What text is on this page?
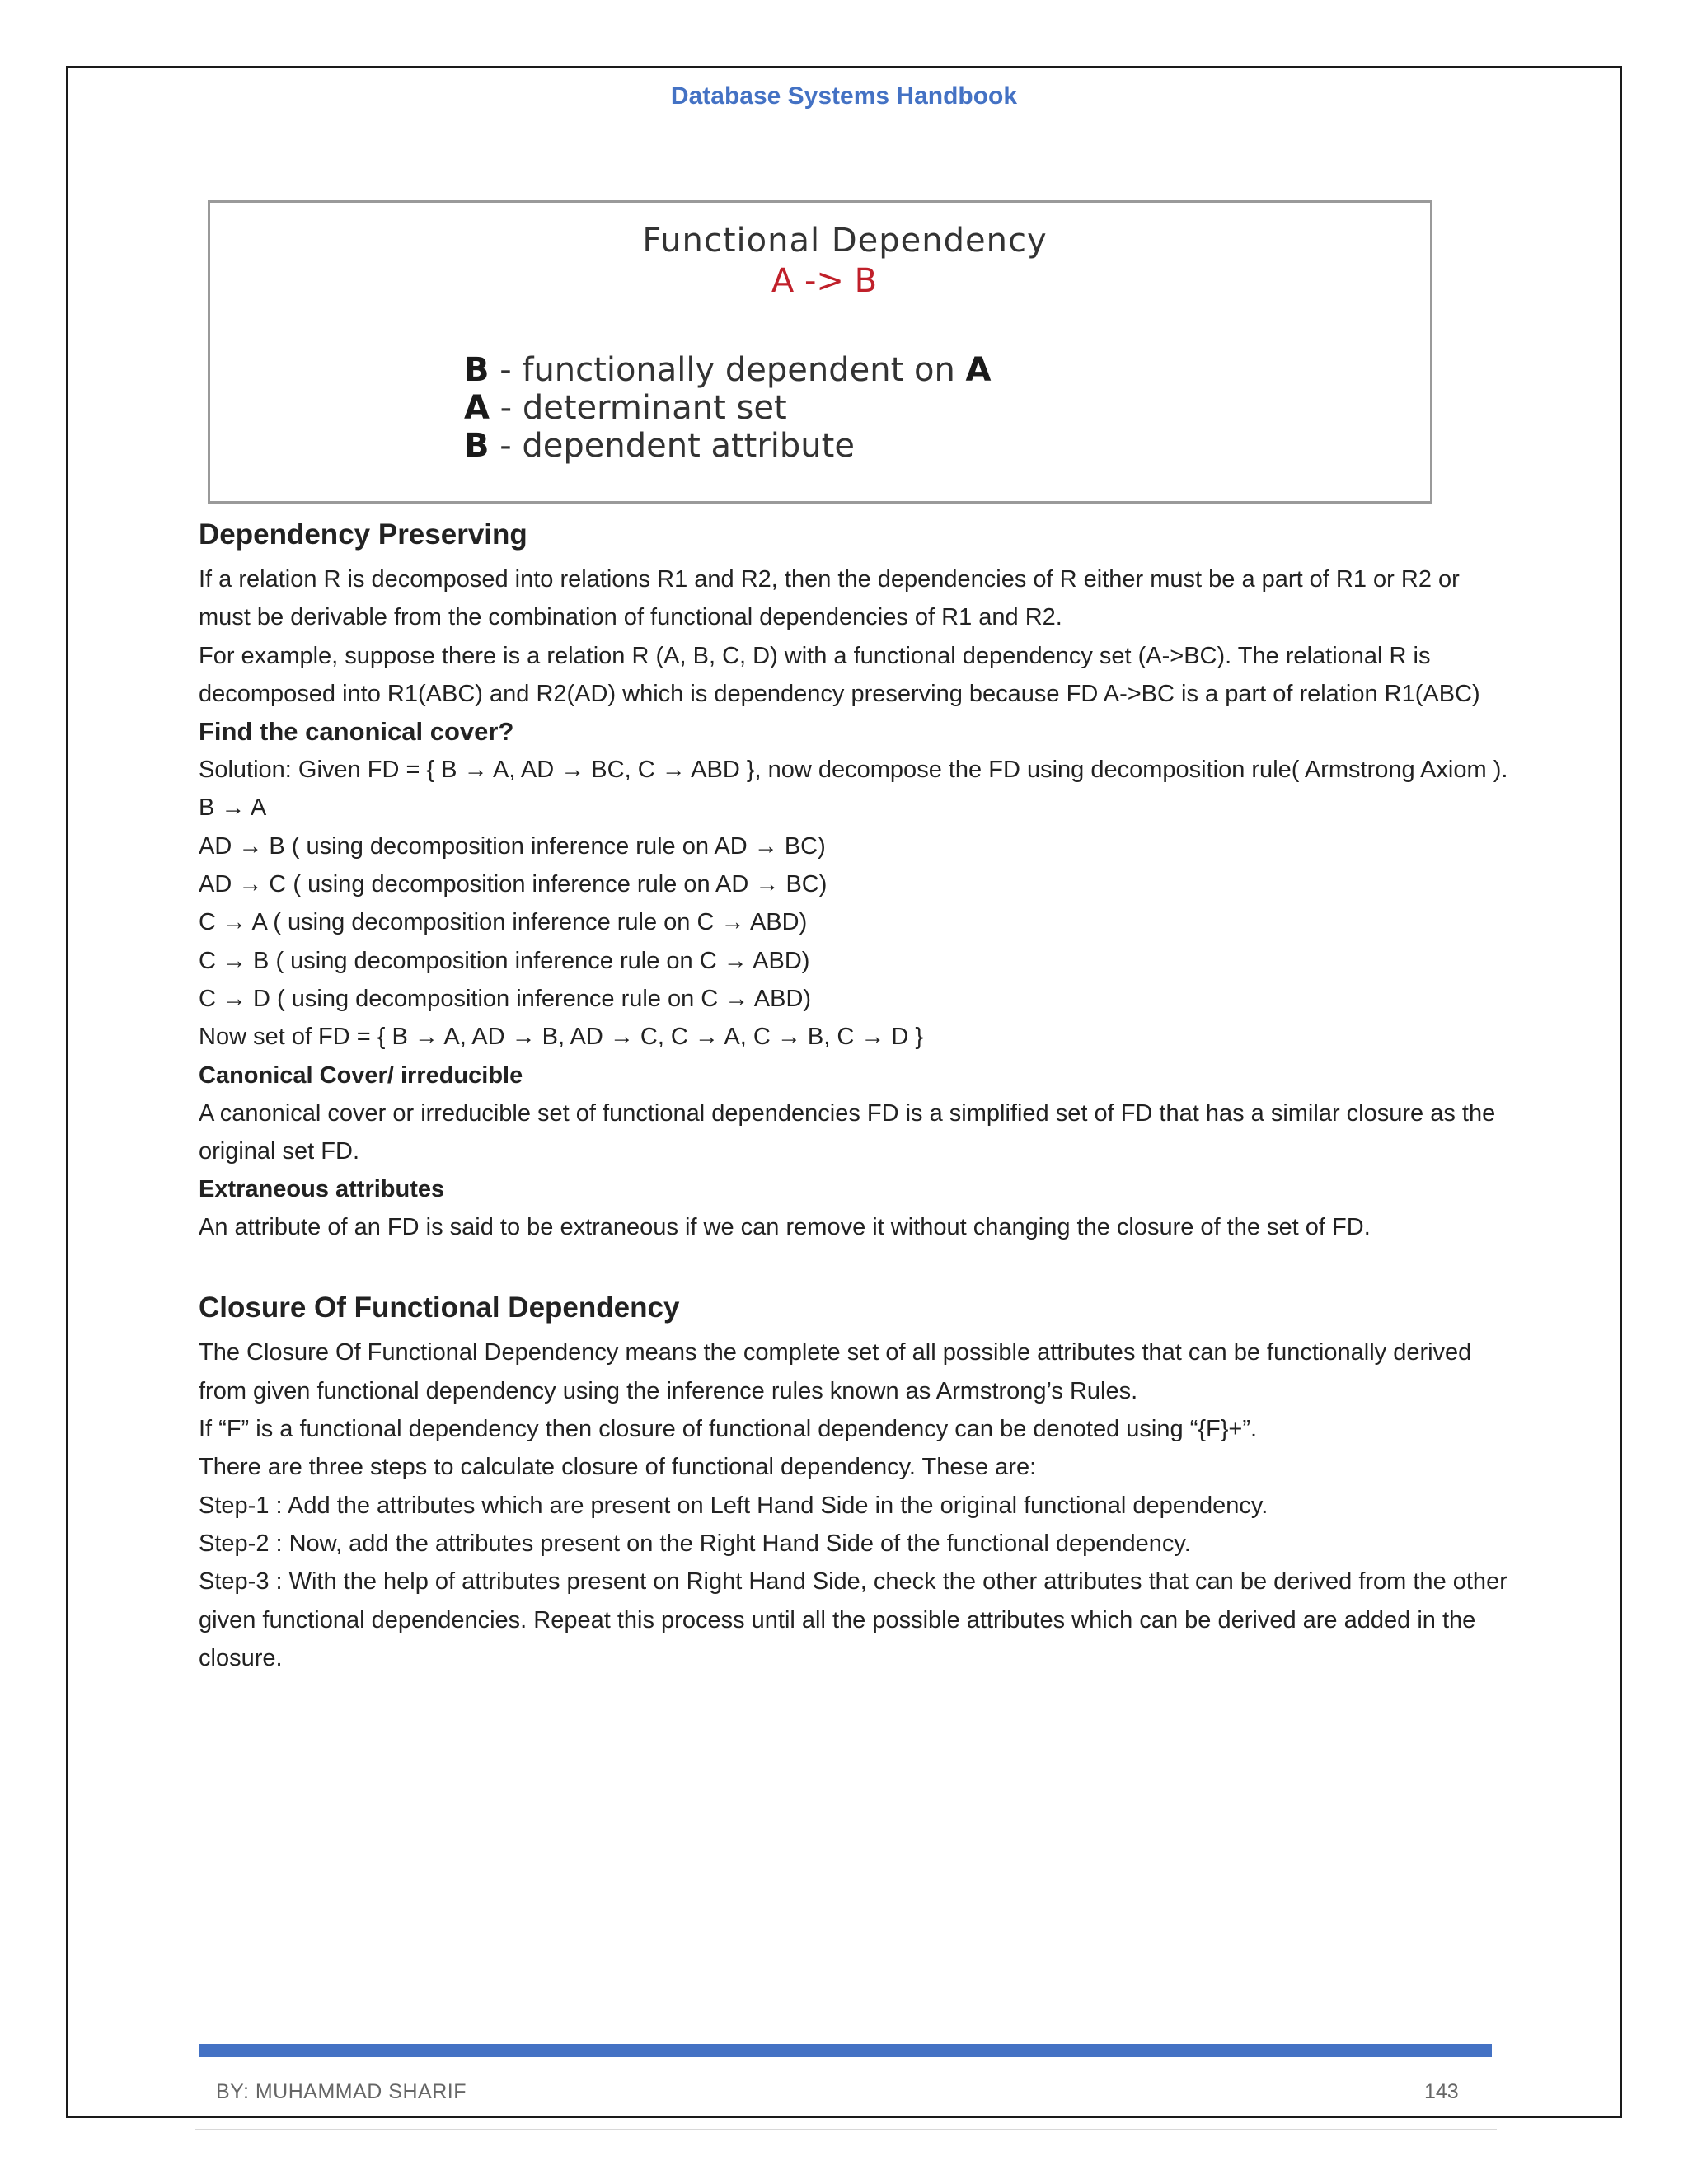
Database Systems Handbook
Functional Dependency
A -> B
B - functionally dependent on A
A - determinant set
B - dependent attribute
Dependency Preserving

If a relation R is decomposed into relations R1 and R2, then the dependencies of R either must be a part of R1 or R2 or must be derivable from the combination of functional dependencies of R1 and R2.

For example, suppose there is a relation R (A, B, C, D) with a functional dependency set (A->BC). The relational R is decomposed into R1(ABC) and R2(AD) which is dependency preserving because FD A->BC is a part of relation R1(ABC)

Find the canonical cover?

Solution: Given FD = { B → A, AD → BC, C → ABD }, now decompose the FD using decomposition rule( Armstrong Axiom ).

B → A

AD → B ( using decomposition inference rule on AD → BC)

AD → C ( using decomposition inference rule on AD → BC)

C → A ( using decomposition inference rule on C → ABD)

C → B ( using decomposition inference rule on C → ABD)

C → D ( using decomposition inference rule on C → ABD)

Now set of FD = { B → A, AD → B, AD → C, C → A, C → B, C → D }

Canonical Cover/ irreducible

A canonical cover or irreducible set of functional dependencies FD is a simplified set of FD that has a similar closure as the original set FD.

Extraneous attributes

An attribute of an FD is said to be extraneous if we can remove it without changing the closure of the set of FD.

Closure Of Functional Dependency

The Closure Of Functional Dependency means the complete set of all possible attributes that can be functionally derived from given functional dependency using the inference rules known as Armstrong’s Rules.

If “F” is a functional dependency then closure of functional dependency can be denoted using “{F}+”.

There are three steps to calculate closure of functional dependency. These are:

Step-1 : Add the attributes which are present on Left Hand Side in the original functional dependency.

Step-2 : Now, add the attributes present on the Right Hand Side of the functional dependency.

Step-3 : With the help of attributes present on Right Hand Side, check the other attributes that can be derived from the other given functional dependencies. Repeat this process until all the possible attributes which can be derived are added in the closure.

BY: MUHAMMAD SHARIF	143
